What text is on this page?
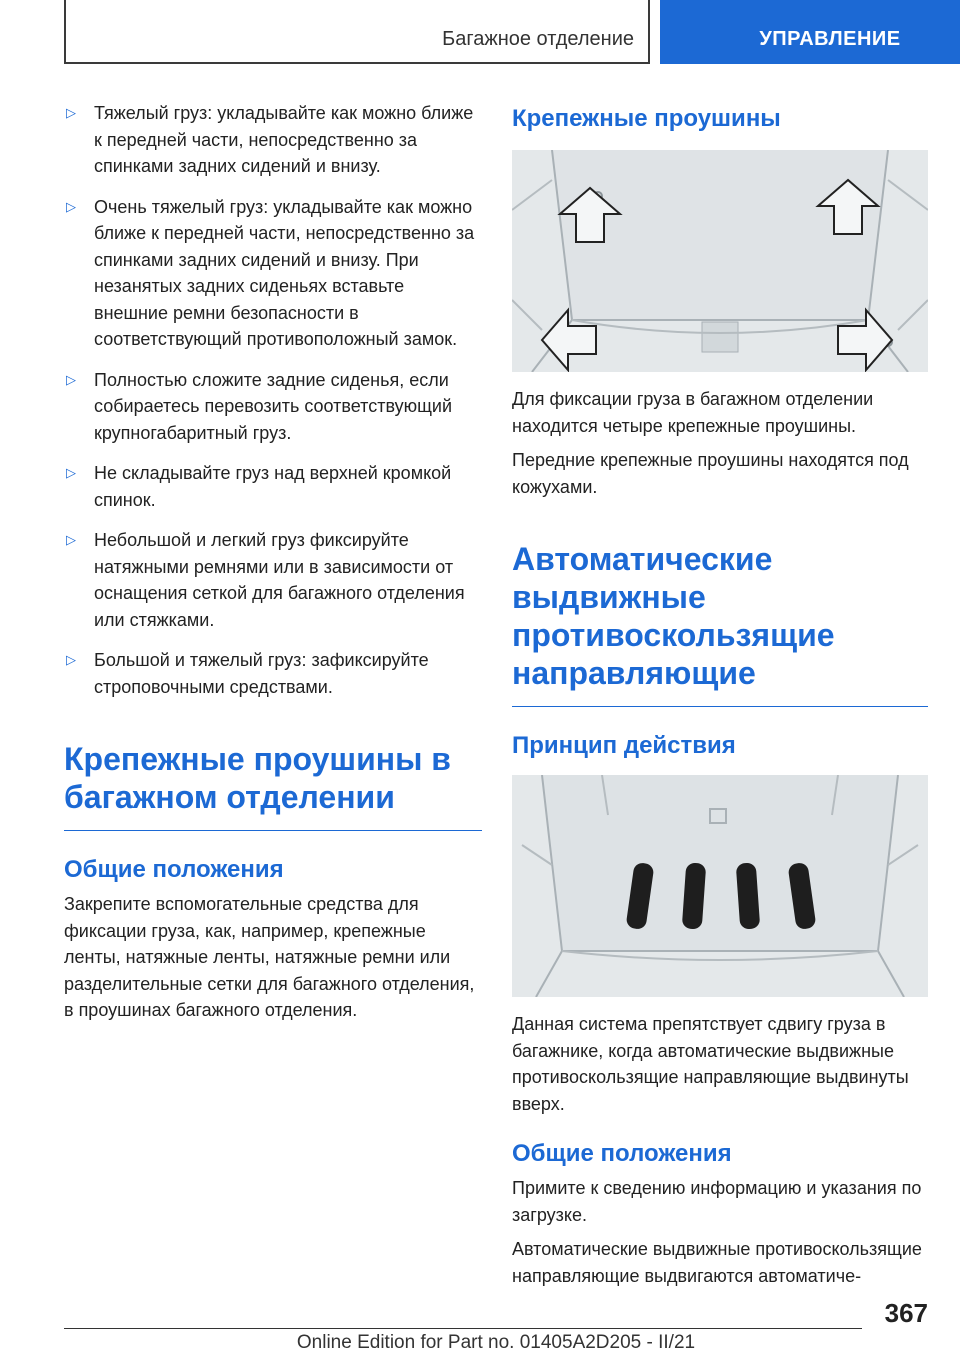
Багажное отделение	УПРАВЛЕНИЕ
▷ Тяжелый груз: укладывайте как можно ближе к передней части, непосредственно за спинками задних сидений и внизу.
▷ Очень тяжелый груз: укладывайте как можно ближе к передней части, непосредственно за спинками задних сидений и внизу. При незанятых задних сиденьях вставьте внешние ремни безопасности в соответствующий противоположный замок.
▷ Полностью сложите задние сиденья, если собираетесь перевозить соответствующий крупногабаритный груз.
▷ Не складывайте груз над верхней кромкой спинок.
▷ Небольшой и легкий груз фиксируйте натяжными ремнями или в зависимости от оснащения сеткой для багажного отделения или стяжками.
▷ Большой и тяжелый груз: зафиксируйте строповочными средствами.
Крепежные проушины в багажном отделении
Общие положения
Закрепите вспомогательные средства для фиксации груза, как, например, крепежные ленты, натяжные ленты, натяжные ремни или разделительные сетки для багажного отделения, в проушинах багажного отделения.
Крепежные проушины
Для фиксации груза в багажном отделении находится четыре крепежные проушины.
Передние крепежные проушины находятся под кожухами.
Автоматические выдвижные противоскользящие направляющие
Принцип действия
Данная система препятствует сдвигу груза в багажнике, когда автоматические выдвижные противоскользящие направляющие выдвинуты вверх.
Общие положения
Примите к сведению информацию и указания по загрузке.
Автоматические выдвижные противоскользящие направляющие выдвигаются автоматиче-
367
Online Edition for Part no. 01405A2D205 - II/21
